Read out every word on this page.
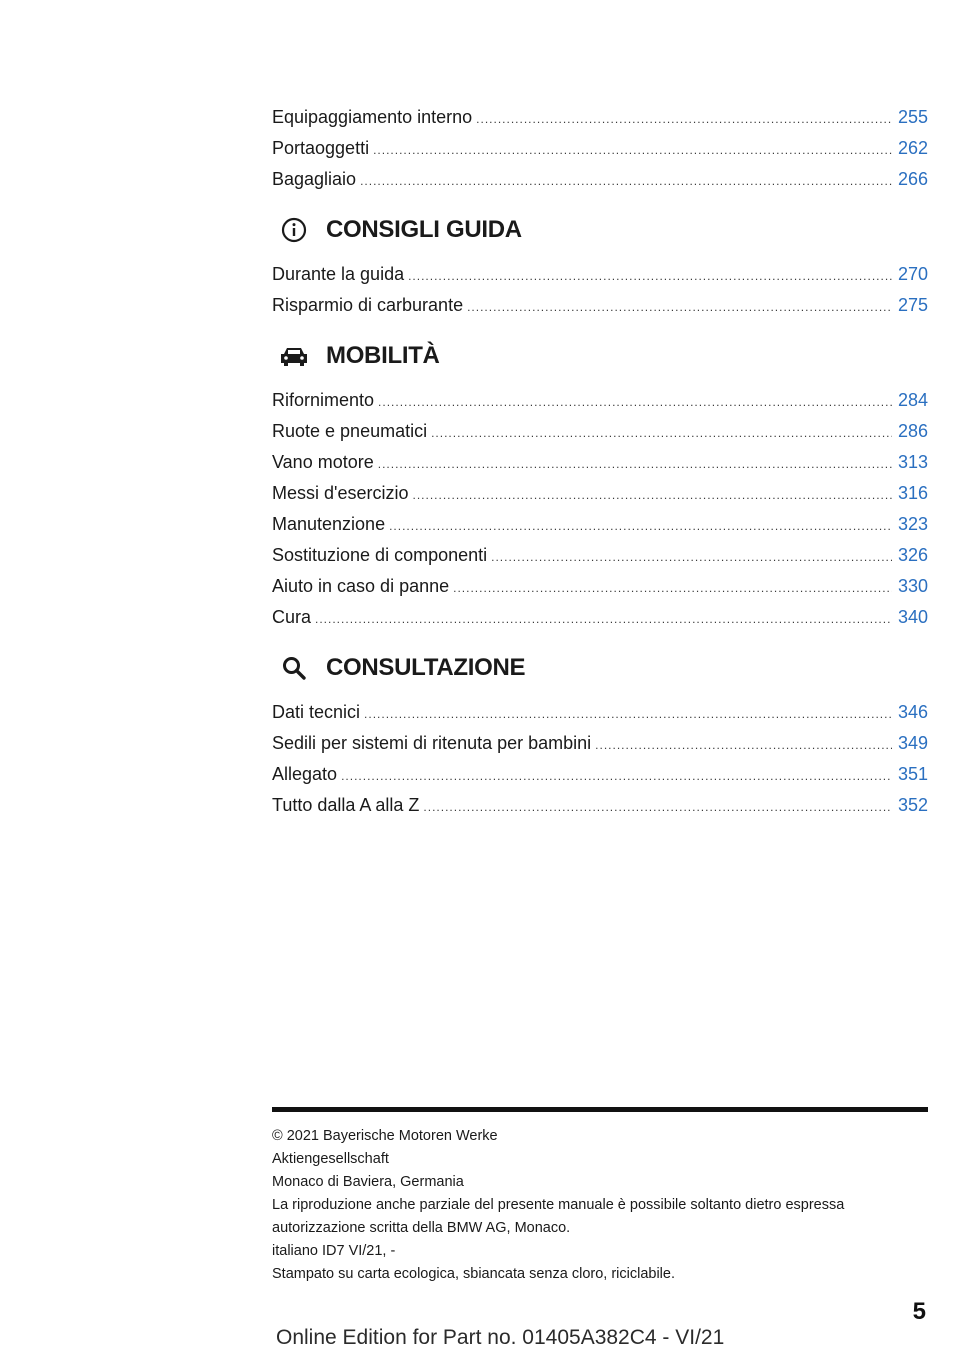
Equipaggiamento interno .....	255
Portaoggetti .....	262
Bagagliaio .....	266
CONSIGLI GUIDA
Durante la guida .....	270
Risparmio di carburante .....	275
MOBILITÀ
Rifornimento .....	284
Ruote e pneumatici .....	286
Vano motore .....	313
Messi d'esercizio .....	316
Manutenzione .....	323
Sostituzione di componenti .....	326
Aiuto in caso di panne .....	330
Cura .....	340
CONSULTAZIONE
Dati tecnici .....	346
Sedili per sistemi di ritenuta per bambini .....	349
Allegato .....	351
Tutto dalla A alla Z .....	352
© 2021 Bayerische Motoren Werke
Aktiengesellschaft
Monaco di Baviera, Germania
La riproduzione anche parziale del presente manuale è possibile soltanto dietro espressa
autorizzazione scritta della BMW AG, Monaco.
italiano ID7 VI/21, -
Stampato su carta ecologica, sbiancata senza cloro, riciclabile.
5
Online Edition for Part no. 01405A382C4 - VI/21
